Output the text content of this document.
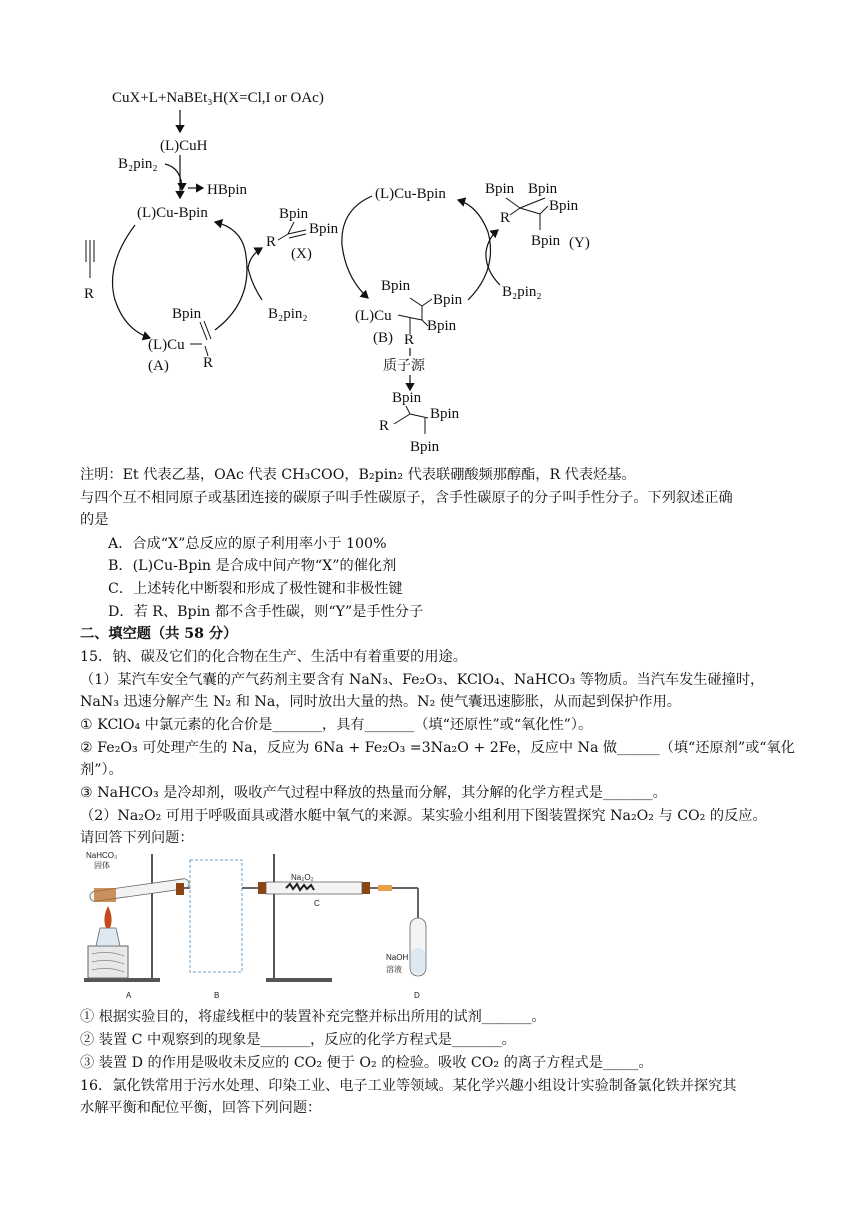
CuX+L+NaBEt₃H(X=Cl,I or OAc)
(L)CuH
B₂pin₂
HBpin
(L)Cu-Bpin
R
Bpin
(L)Cu
(A) R
B₂pin₂
Bpin
R
Bpin
(X)
(L)Cu-Bpin
Bpin
Bpin
(L)Cu
Bpin
(B) R
质子源
Bpin Bpin
Bpin
R
Bpin (Y)
B₂pin₂
Bpin
Bpin
R
Bpin
注明：Et 代表乙基，OAc 代表 CH₃COO，B₂pin₂ 代表联硼酸频那醇酯，R 代表烃基。
与四个互不相同原子或基团连接的碳原子叫手性碳原子，含手性碳原子的分子叫手性分子。下列叙述正确
的是
A．合成“X”总反应的原子利用率小于 100%
B．(L)Cu-Bpin 是合成中间产物“X”的催化剂
C．上述转化中断裂和形成了极性键和非极性键
D．若 R、Bpin 都不含手性碳，则“Y”是手性分子
二、填空题（共 58 分）
15．钠、碳及它们的化合物在生产、生活中有着重要的用途。
（1）某汽车安全气囊的产气药剂主要含有 NaN₃、Fe₂O₃、KClO₄、NaHCO₃ 等物质。当汽车发生碰撞时，
NaN₃ 迅速分解产生 N₂ 和 Na，同时放出大量的热。N₂ 使气囊迅速膨胀，从而起到保护作用。
① KClO₄ 中氯元素的化合价是_______，具有_______（填“还原性”或“氧化性”）。
② Fe₂O₃ 可处理产生的 Na，反应为 6Na + Fe₂O₃ =3Na₂O + 2Fe，反应中 Na 做______（填“还原剂”或“氧化
剂”）。
③ NaHCO₃ 是冷却剂，吸收产气过程中释放的热量而分解，其分解的化学方程式是_______。
（2）Na₂O₂ 可用于呼吸面具或潜水艇中氧气的来源。某实验小组利用下图装置探究 Na₂O₂ 与 CO₂ 的反应。
请回答下列问题：
NaHCO₃
固体
Na₂O₂
C
NaOH
溶液
A	B	D
① 根据实验目的，将虚线框中的装置补充完整并标出所用的试剂_______。
② 装置 C 中观察到的现象是_______，反应的化学方程式是_______。
③ 装置 D 的作用是吸收未反应的 CO₂ 便于 O₂ 的检验。吸收 CO₂ 的离子方程式是_____。
16．氯化铁常用于污水处理、印染工业、电子工业等领域。某化学兴趣小组设计实验制备氯化铁并探究其
水解平衡和配位平衡，回答下列问题：
